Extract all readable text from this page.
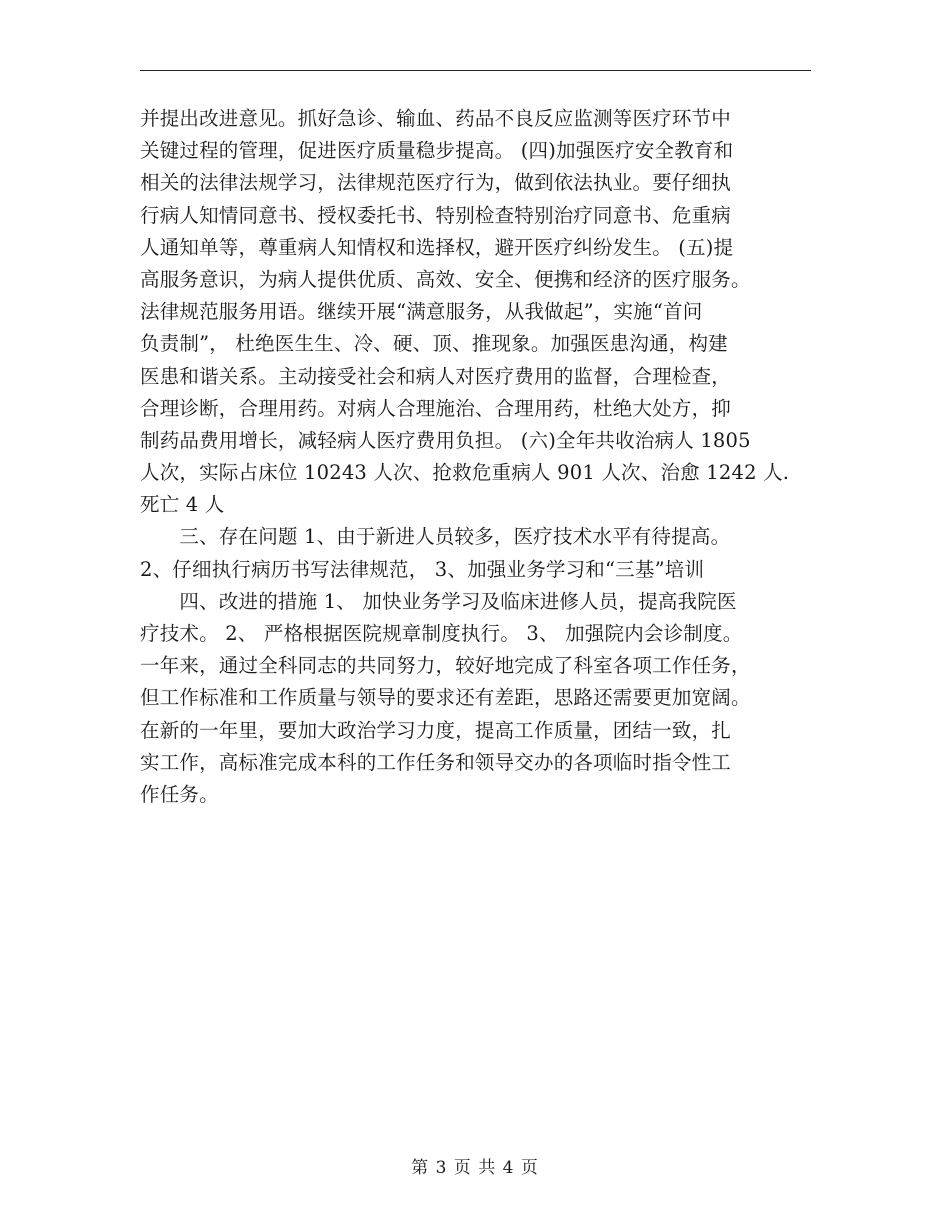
并提出改进意见。抓好急诊、输血、药品不良反应监测等医疗环节中
关键过程的管理，促进医疗质量稳步提高。 (四)加强医疗安全教育和
相关的法律法规学习，法律规范医疗行为，做到依法执业。要仔细执
行病人知情同意书、授权委托书、特别检查特别治疗同意书、危重病
人通知单等，尊重病人知情权和选择权，避开医疗纠纷发生。 (五)提
高服务意识，为病人提供优质、高效、安全、便携和经济的医疗服务。
法律规范服务用语。继续开展“满意服务，从我做起”，实施“首问
负责制”， 杜绝医生生、冷、硬、顶、推现象。加强医患沟通，构建
医患和谐关系。主动接受社会和病人对医疗费用的监督，合理检查，
合理诊断，合理用药。对病人合理施治、合理用药，杜绝大处方，抑
制药品费用增长，减轻病人医疗费用负担。 (六)全年共收治病人 1805
人次，实际占床位 10243 人次、抢救危重病人 901 人次、治愈 1242 人.
死亡 4 人
　　三、存在问题 1、由于新进人员较多，医疗技术水平有待提高。
2、仔细执行病历书写法律规范， 3、加强业务学习和“三基”培训
　　四、改进的措施 1、 加快业务学习及临床进修人员，提高我院医
疗技术。 2、 严格根据医院规章制度执行。 3、 加强院内会诊制度。
一年来，通过全科同志的共同努力，较好地完成了科室各项工作任务，
但工作标准和工作质量与领导的要求还有差距，思路还需要更加宽阔。
在新的一年里，要加大政治学习力度，提高工作质量，团结一致，扎
实工作，高标准完成本科的工作任务和领导交办的各项临时指令性工
作任务。
第 3 页 共 4 页
